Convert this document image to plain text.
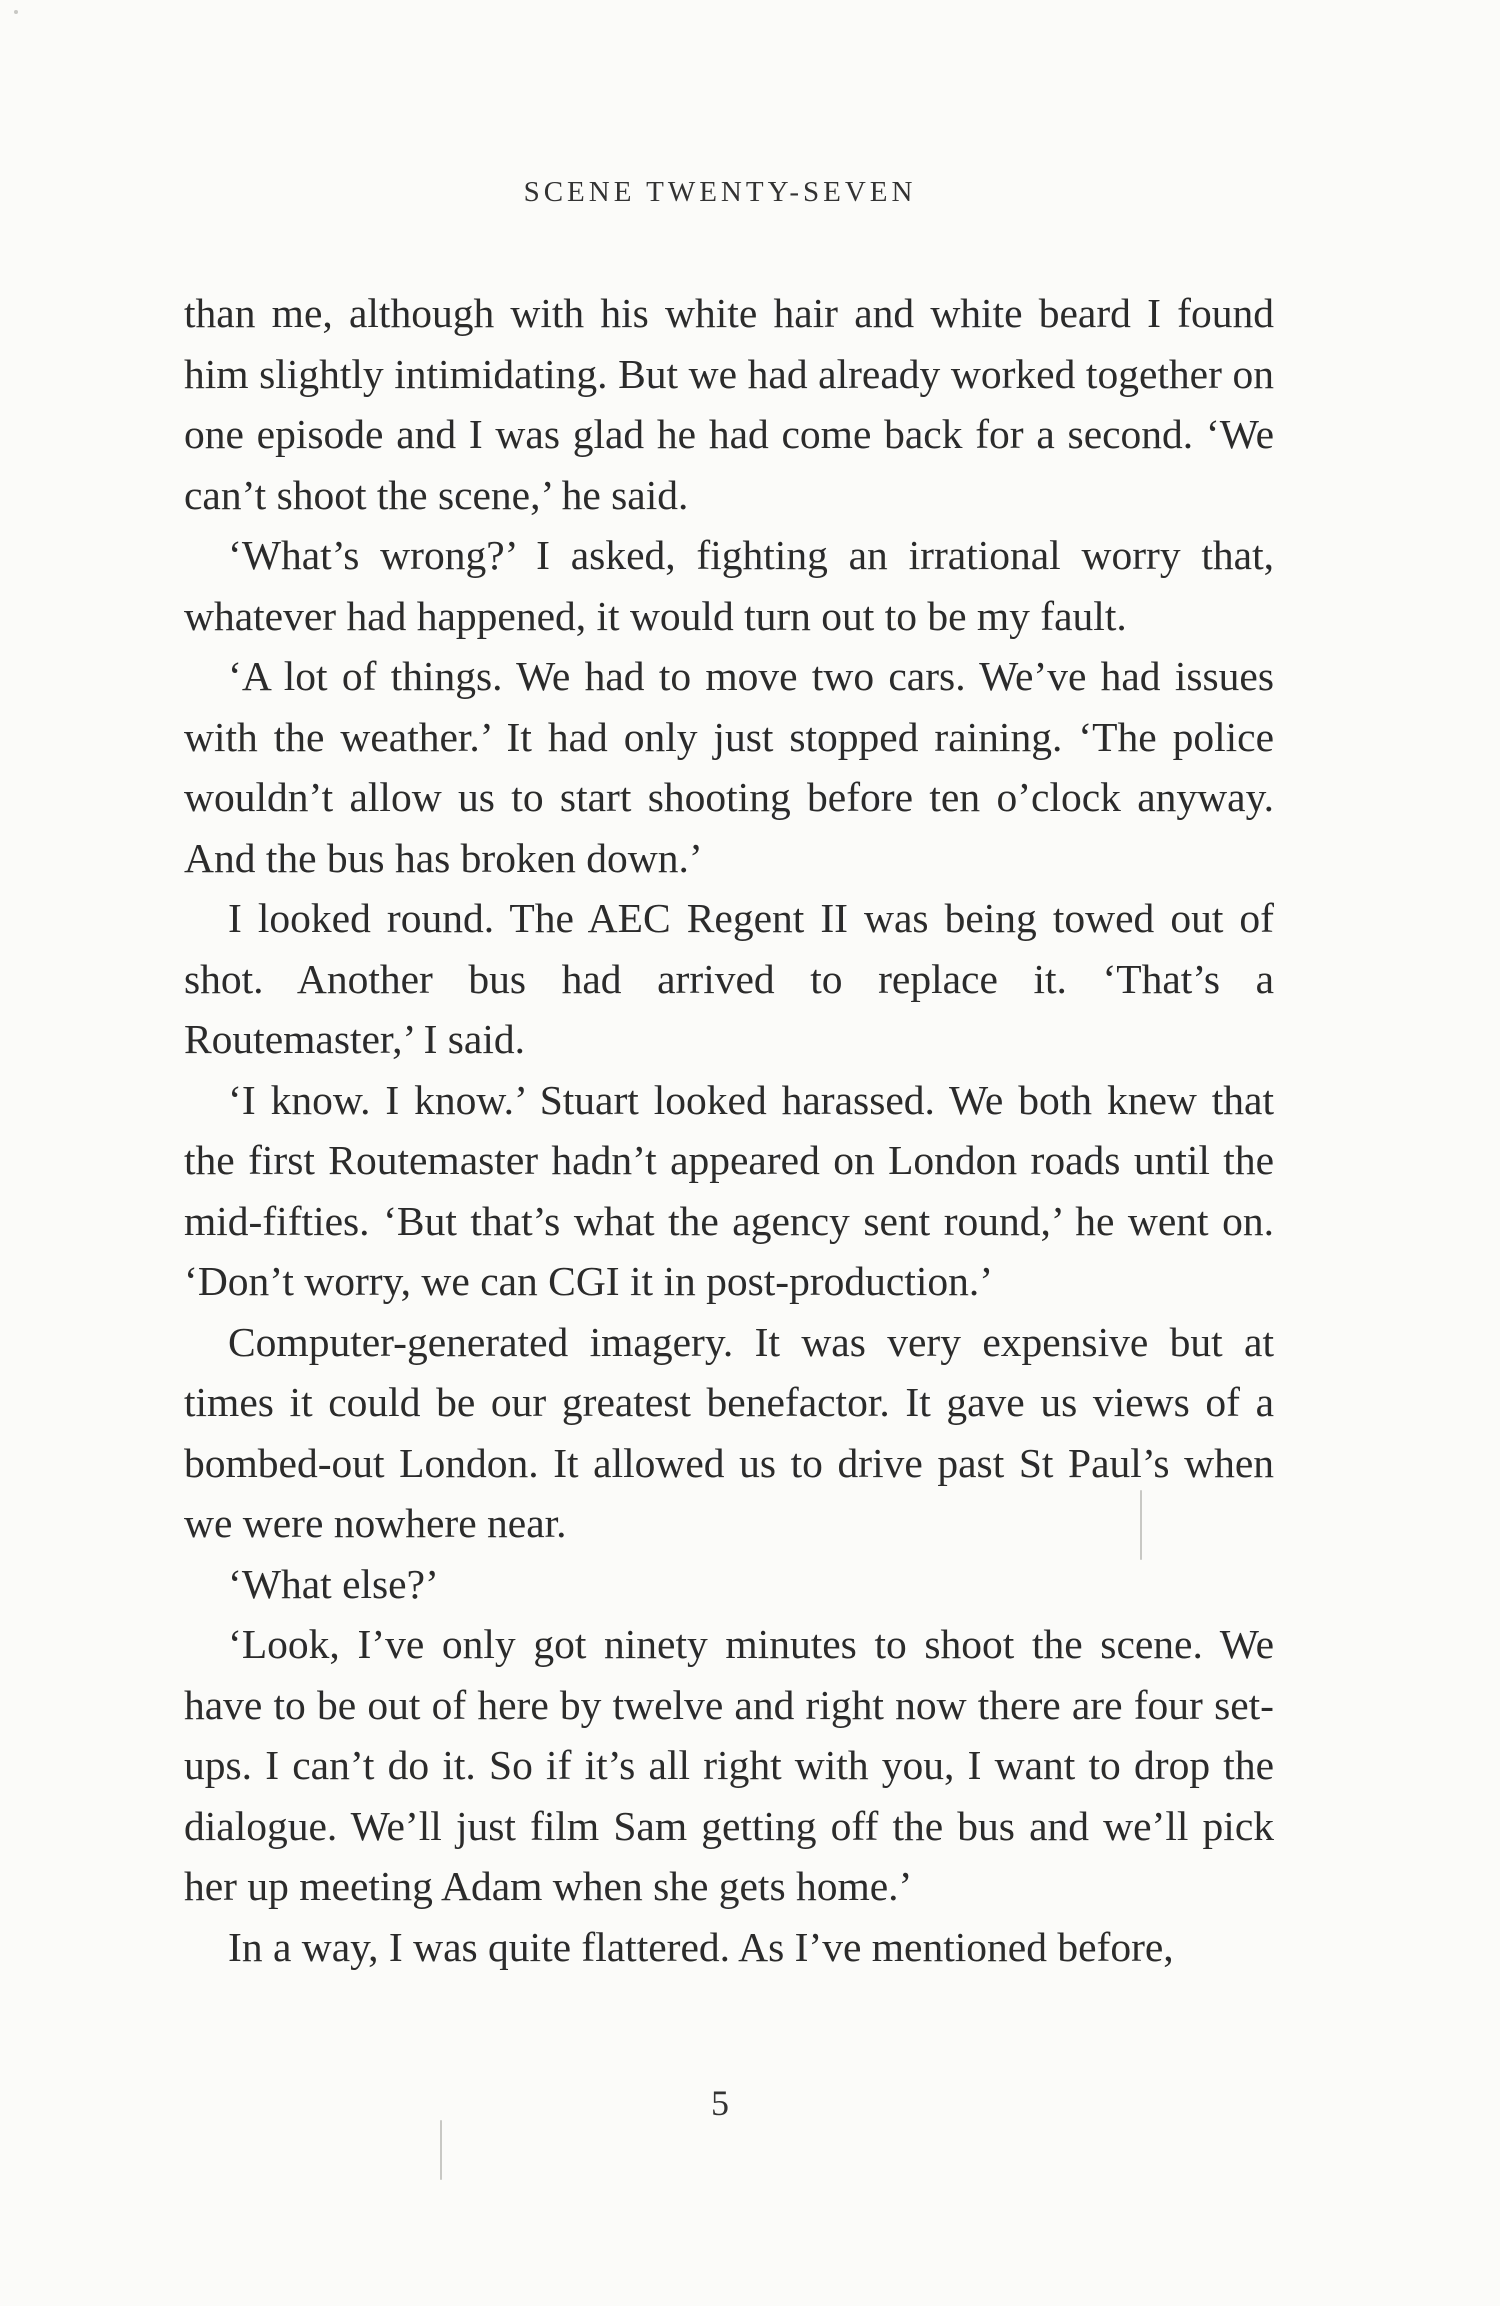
SCENE TWENTY-SEVEN

than me, although with his white hair and white beard I found him slightly intimidating. But we had already worked together on one episode and I was glad he had come back for a second. ‘We can’t shoot the scene,’ he said.

‘What’s wrong?’ I asked, fighting an irrational worry that, whatever had happened, it would turn out to be my fault.

‘A lot of things. We had to move two cars. We’ve had issues with the weather.’ It had only just stopped raining. ‘The police wouldn’t allow us to start shooting before ten o’clock anyway. And the bus has broken down.’

I looked round. The AEC Regent II was being towed out of shot. Another bus had arrived to replace it. ‘That’s a Routemaster,’ I said.

‘I know. I know.’ Stuart looked harassed. We both knew that the first Routemaster hadn’t appeared on London roads until the mid-fifties. ‘But that’s what the agency sent round,’ he went on. ‘Don’t worry, we can CGI it in post-production.’

Computer-generated imagery. It was very expensive but at times it could be our greatest benefactor. It gave us views of a bombed-out London. It allowed us to drive past St Paul’s when we were nowhere near.

‘What else?’

‘Look, I’ve only got ninety minutes to shoot the scene. We have to be out of here by twelve and right now there are four set-ups. I can’t do it. So if it’s all right with you, I want to drop the dialogue. We’ll just film Sam getting off the bus and we’ll pick her up meeting Adam when she gets home.’

In a way, I was quite flattered. As I’ve mentioned before,

5
